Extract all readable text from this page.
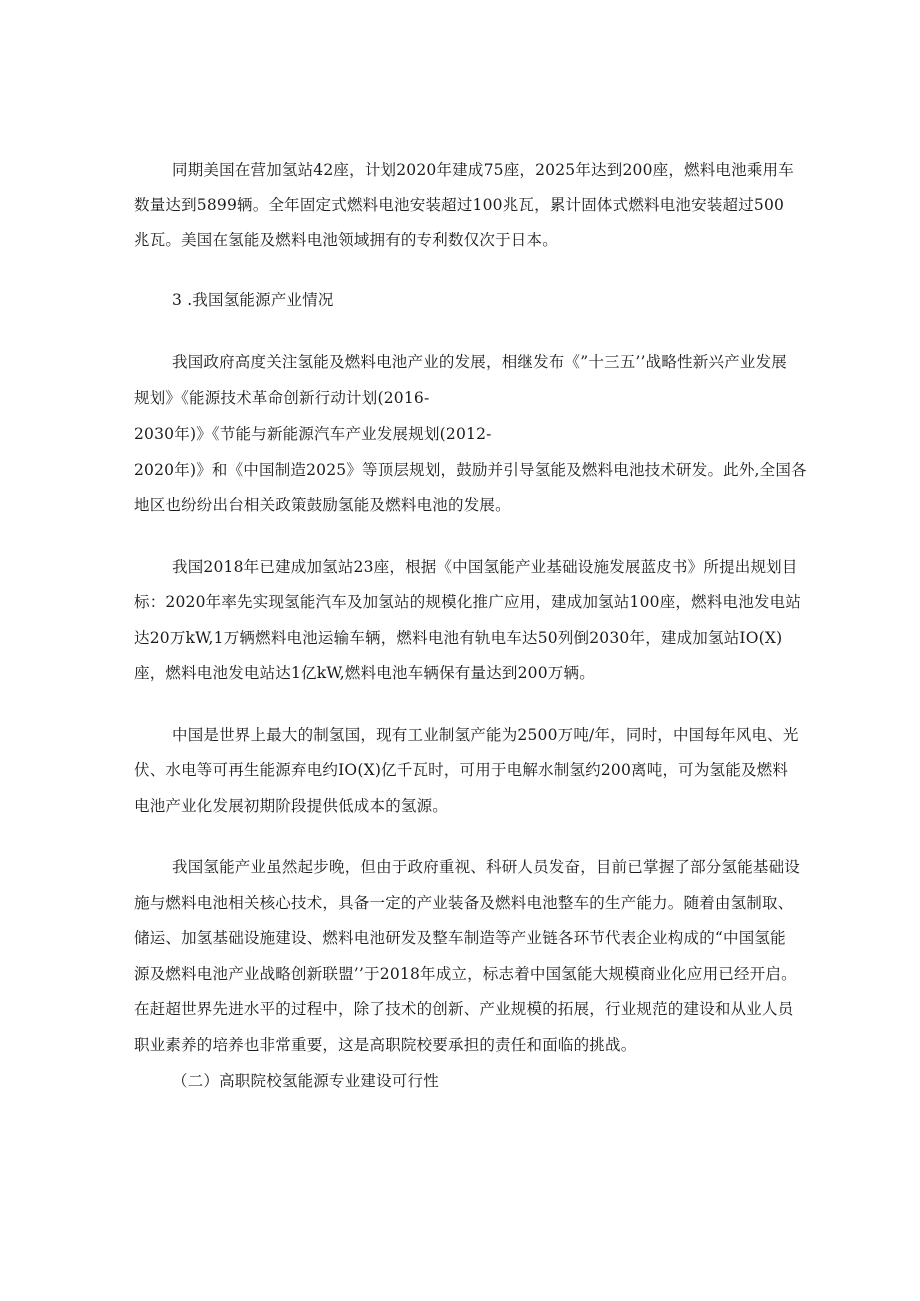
同期美国在营加氢站42座，计划2020年建成75座，2025年达到200座，燃料电池乘用车
数量达到5899辆。全年固定式燃料电池安装超过100兆瓦，累计固体式燃料电池安装超过500
兆瓦。美国在氢能及燃料电池领域拥有的专利数仅次于日本。
3 .我国氢能源产业情况
我国政府高度关注氢能及燃料电池产业的发展，相继发布《”十三五’’战略性新兴产业发展
规划》《能源技术革命创新行动计划(2016-
2030年)》《节能与新能源汽车产业发展规划(2012-
2020年)》和《中国制造2025》等顶层规划，鼓励并引导氢能及燃料电池技术研发。此外,全国各
地区也纷纷出台相关政策鼓励氢能及燃料电池的发展。
我国2018年已建成加氢站23座，根据《中国氢能产业基础设施发展蓝皮书》所提出规划目
标：2020年率先实现氢能汽车及加氢站的规模化推广应用，建成加氢站100座，燃料电池发电站
达20万kW,1万辆燃料电池运输车辆，燃料电池有轨电车达50列倒2030年，建成加氢站IO(X)
座，燃料电池发电站达1亿kW,燃料电池车辆保有量达到200万辆。
中国是世界上最大的制氢国，现有工业制氢产能为2500万吨/年，同时，中国每年风电、光
伏、水电等可再生能源弃电约IO(X)亿千瓦时，可用于电解水制氢约200离吨，可为氢能及燃料
电池产业化发展初期阶段提供低成本的氢源。
我国氢能产业虽然起步晚，但由于政府重视、科研人员发奋，目前已掌握了部分氢能基础设
施与燃料电池相关核心技术，具备一定的产业装备及燃料电池整车的生产能力。随着由氢制取、
储运、加氢基础设施建设、燃料电池研发及整车制造等产业链各环节代表企业构成的“中国氢能
源及燃料电池产业战略创新联盟’’于2018年成立，标志着中国氢能大规模商业化应用已经开启。
在赶超世界先进水平的过程中，除了技术的创新、产业规模的拓展，行业规范的建设和从业人员
职业素养的培养也非常重要，这是高职院校要承担的责任和面临的挑战。
（二）高职院校氢能源专业建设可行性
